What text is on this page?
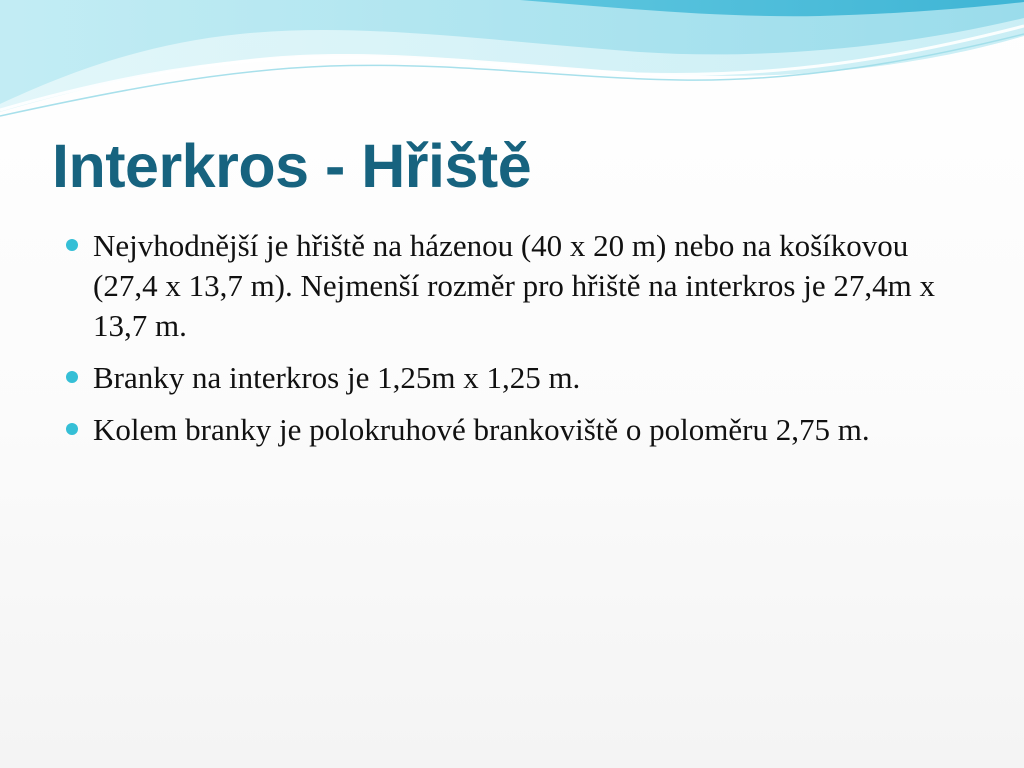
Interkros - Hřiště
Nejvhodnější je hřiště na házenou (40 x 20 m) nebo na košíkovou (27,4 x 13,7 m). Nejmenší rozměr pro hřiště na interkros je 27,4m x 13,7 m.
Branky na interkros je 1,25m x 1,25 m.
Kolem branky je polokruhové brankoviště o poloměru 2,75 m.
